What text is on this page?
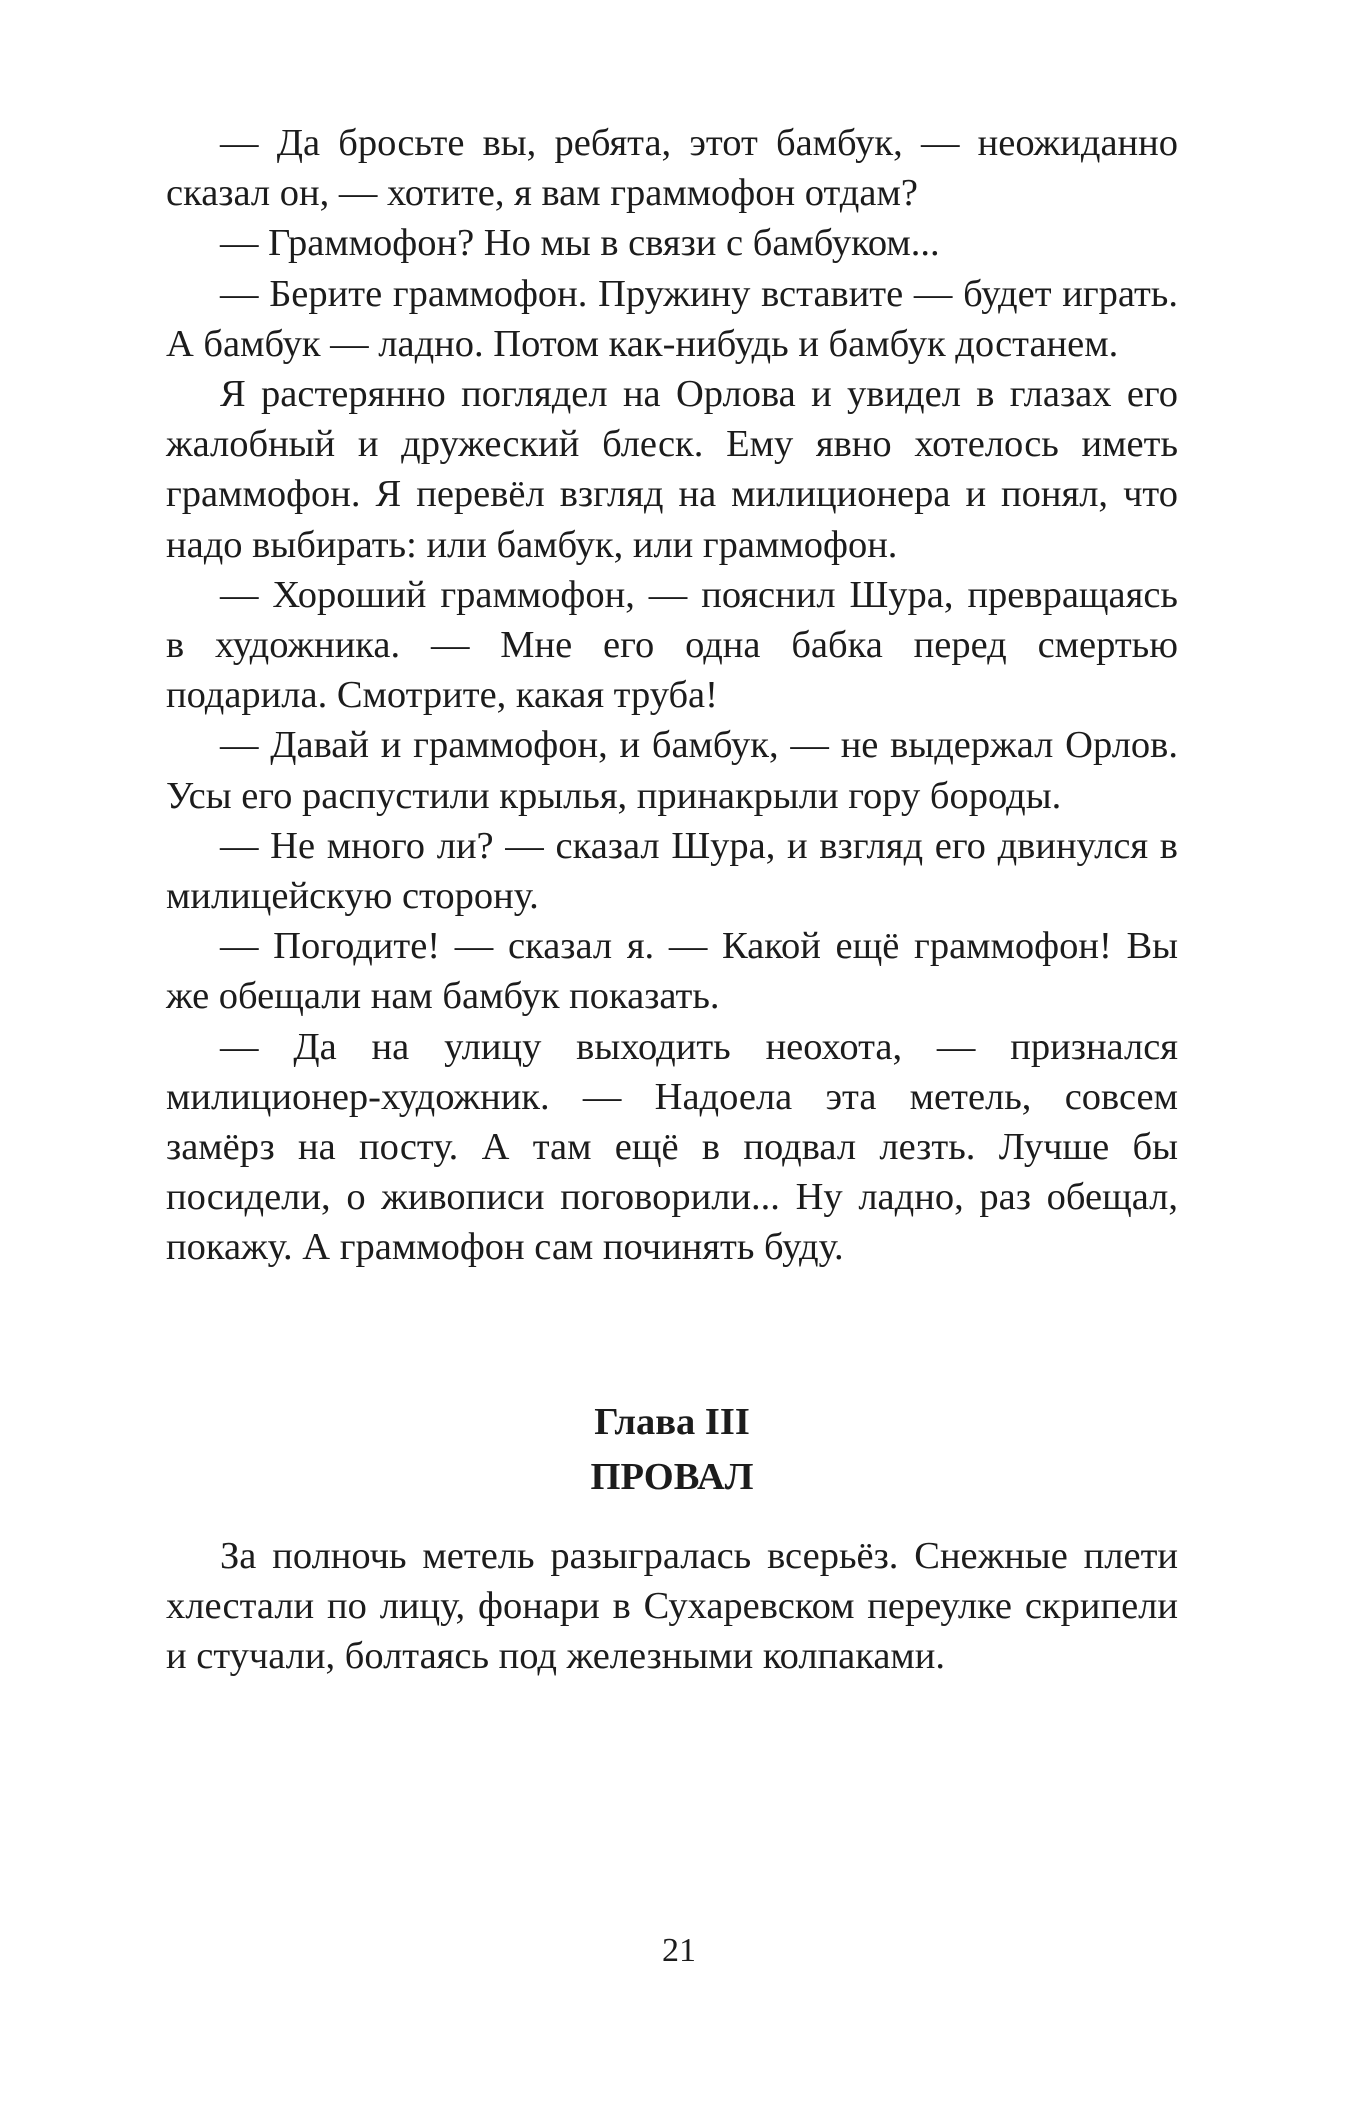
— Да бросьте вы, ребята, этот бамбук, — неожиданно сказал он, — хотите, я вам граммофон отдам?

— Граммофон? Но мы в связи с бамбуком...

— Берите граммофон. Пружину вставите — будет играть. А бамбук — ладно. Потом как-нибудь и бамбук достанем.

Я растерянно поглядел на Орлова и увидел в глазах его жалобный и дружеский блеск. Ему явно хотелось иметь граммофон. Я перевёл взгляд на милиционера и понял, что надо выбирать: или бамбук, или граммофон.

— Хороший граммофон, — пояснил Шура, превращаясь в художника. — Мне его одна бабка перед смертью подарила. Смотрите, какая труба!

— Давай и граммофон, и бамбук, — не выдержал Орлов. Усы его распустили крылья, принакрыли гору бороды.

— Не много ли? — сказал Шура, и взгляд его двинулся в милицейскую сторону.

— Погодите! — сказал я. — Какой ещё граммофон! Вы же обещали нам бамбук показать.

— Да на улицу выходить неохота, — признался милиционер-художник. — Надоела эта метель, совсем замёрз на посту. А там ещё в подвал лезть. Лучше бы посидели, о живописи поговорили... Ну ладно, раз обещал, покажу. А граммофон сам починять буду.

Глава III
ПРОВАЛ

За полночь метель разыгралась всерьёз. Снежные плети хлестали по лицу, фонари в Сухаревском переулке скрипели и стучали, болтаясь под железными колпаками.

21
